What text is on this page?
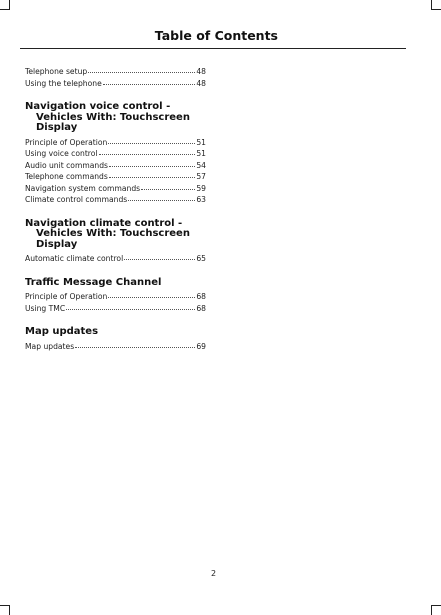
Table of Contents
Telephone setup	48
Using the telephone	48
Navigation voice control - Vehicles With: Touchscreen Display
Principle of Operation	51
Using voice control	51
Audio unit commands	54
Telephone commands	57
Navigation system commands	59
Climate control commands	63
Navigation climate control - Vehicles With: Touchscreen Display
Automatic climate control	65
Traffic Message Channel
Principle of Operation	68
Using TMC	68
Map updates
Map updates	69
2
